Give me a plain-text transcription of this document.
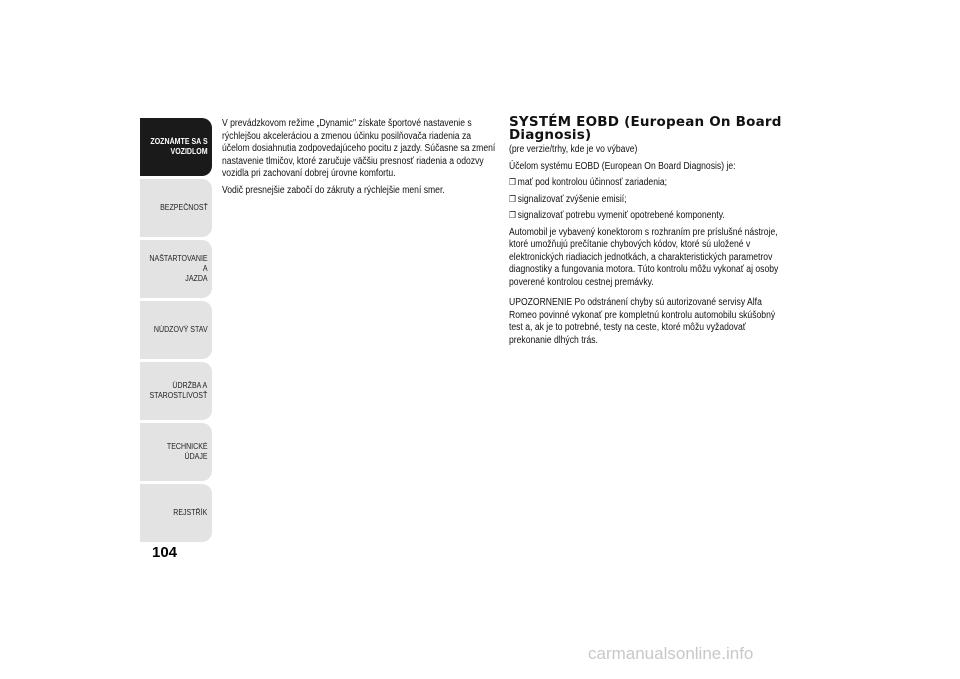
ZOZNÁMTE SA S
VOZIDLOM
BEZPEČNOSŤ
NAŠTARTOVANIE A
JAZDA
NÚDZOVÝ STAV
ÚDRŽBA A
STAROSTLIVOSŤ
TECHNICKÉ ÚDAJE
REJSTŘÍK
104

V prevádzkovom režime „Dynamic" získate športové nastavenie s rýchlejšou akceleráciou a zmenou účinku posilňovača riadenia za účelom dosiahnutia zodpovedajúceho pocitu z jazdy. Súčasne sa zmení nastavenie tlmičov, ktoré zaručuje väčšiu presnosť riadenia a odozvy vozidla pri zachovaní dobrej úrovne komfortu.

Vodič presnejšie zabočí do zákruty a rýchlejšie mení smer.

SYSTÉM EOBD (European On Board Diagnosis)

(pre verzie/trhy, kde je vo výbave)

Účelom systému EOBD (European On Board Diagnosis) je:

❒ mať pod kontrolou účinnosť zariadenia;

❒ signalizovať zvýšenie emisií;

❒ signalizovať potrebu vymeniť opotrebené komponenty.

Automobil je vybavený konektorom s rozhraním pre príslušné nástroje, ktoré umožňujú prečítanie chybových kódov, ktoré sú uložené v elektronických riadiacich jednotkách, a charakteristických parametrov diagnostiky a fungovania motora. Túto kontrolu môžu vykonať aj osoby poverené kontrolou cestnej premávky.

UPOZORNENIE Po odstránení chyby sú autorizované servisy Alfa Romeo povinné vykonať pre kompletnú kontrolu automobilu skúšobný test a, ak je to potrebné, testy na ceste, ktoré môžu vyžadovať prekonanie dlhých trás.

carmanualsonline.info
